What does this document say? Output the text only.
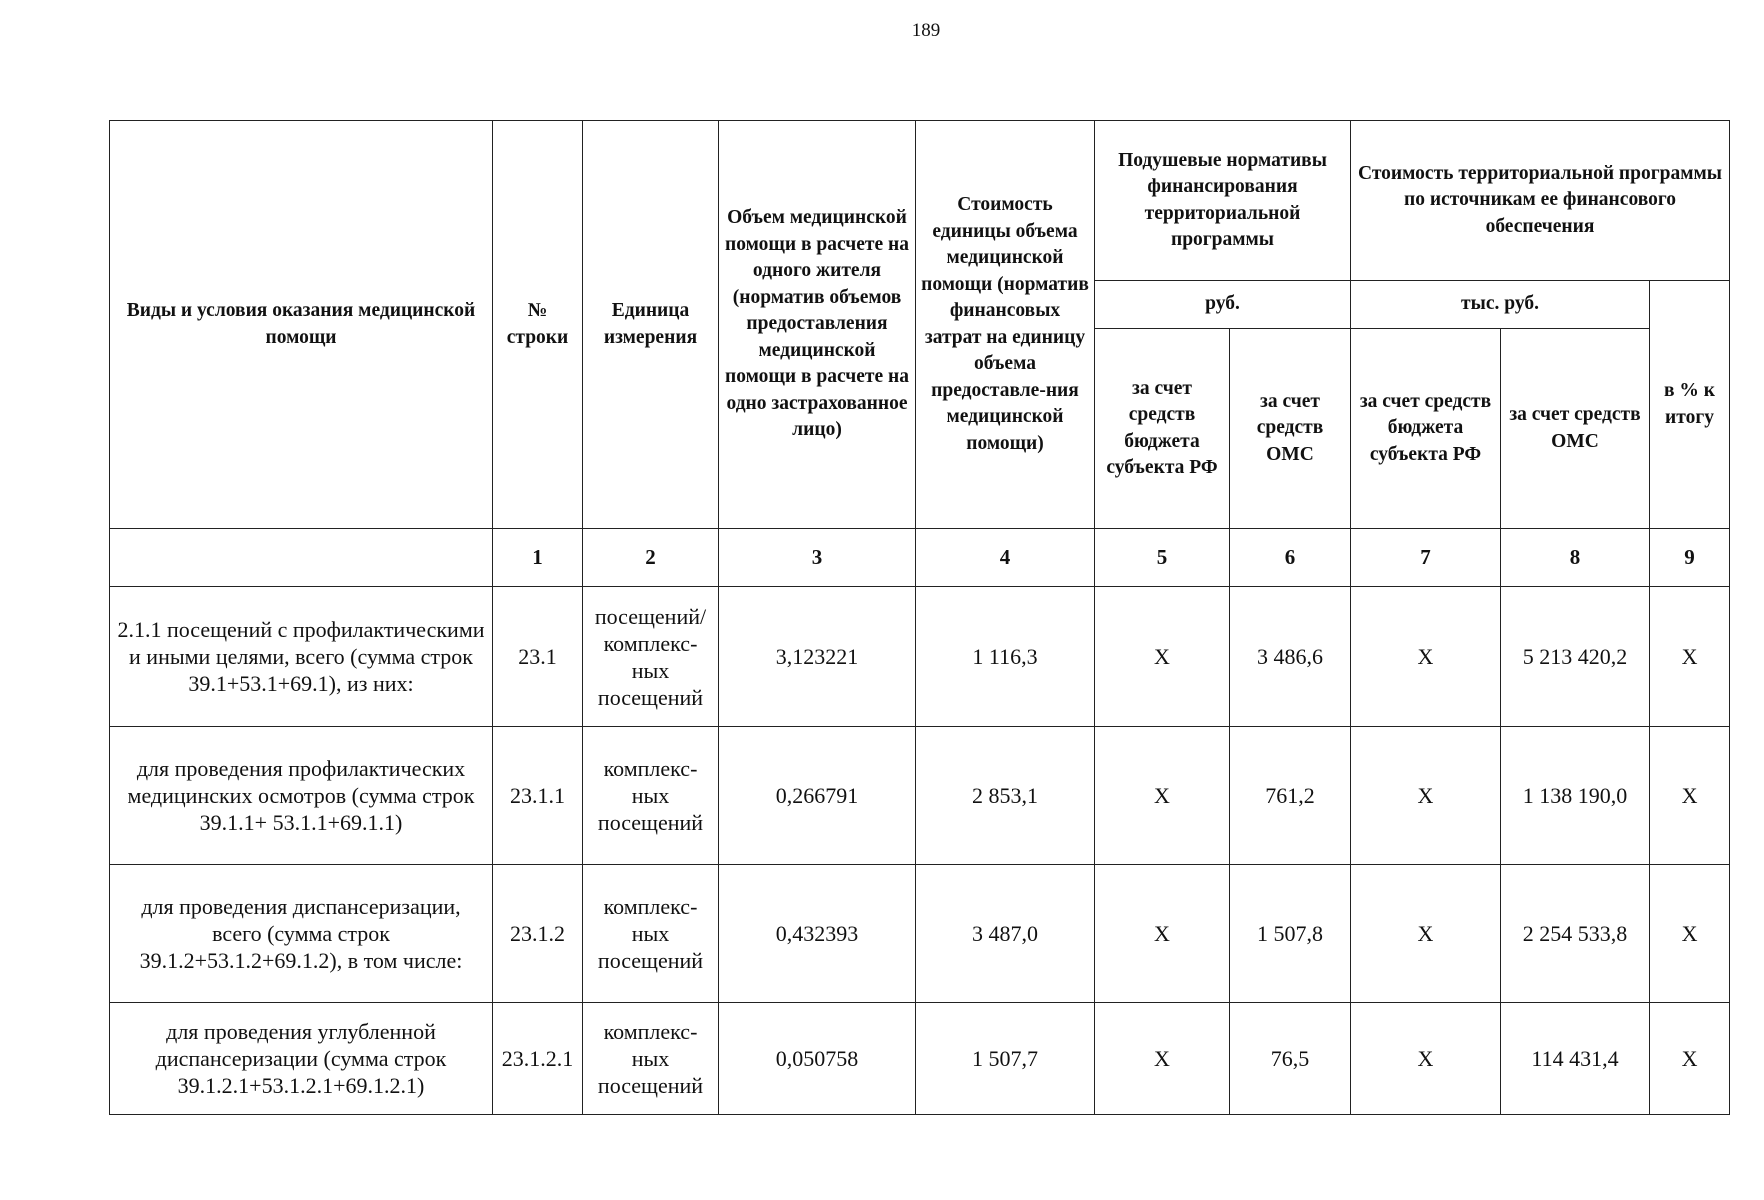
189
Виды и условия оказания медицинской помощи	№ строки	Единица измерения	Объем медицинской помощи в расчете на одного жителя (норматив объемов предоставления медицинской помощи в расчете на одно застрахованное лицо)	Стоимость единицы объема медицинской помощи (норматив финансовых затрат на единицу объема предоставле-ния медицинской помощи)	Подушевые нормативы финансирования территориальной программы		Стоимость территориальной программы по источникам ее финансового обеспечения		
					руб.		тыс. руб.		в % к итогу
					за счет средств бюджета субъекта РФ	за счет средств ОМС	за счет средств бюджета субъекта РФ	за счет средств ОМС	
	1	2	3	4	5	6	7	8	9
2.1.1 посещений с профилактическими и иными целями, всего (сумма строк 39.1+53.1+69.1), из них:	23.1	посещений/ комплекс-ных посещений	3,123221	1 116,3	X	3 486,6	X	5 213 420,2	X
для проведения профилактических медицинских осмотров (сумма строк 39.1.1+ 53.1.1+69.1.1)	23.1.1	комплекс-ных посещений	0,266791	2 853,1	X	761,2	X	1 138 190,0	X
для проведения диспансеризации, всего (сумма строк 39.1.2+53.1.2+69.1.2), в том числе:	23.1.2	комплекс-ных посещений	0,432393	3 487,0	X	1 507,8	X	2 254 533,8	X
для проведения углубленной диспансеризации (сумма строк 39.1.2.1+53.1.2.1+69.1.2.1)	23.1.2.1	комплекс-ных посещений	0,050758	1 507,7	X	76,5	X	114 431,4	X
